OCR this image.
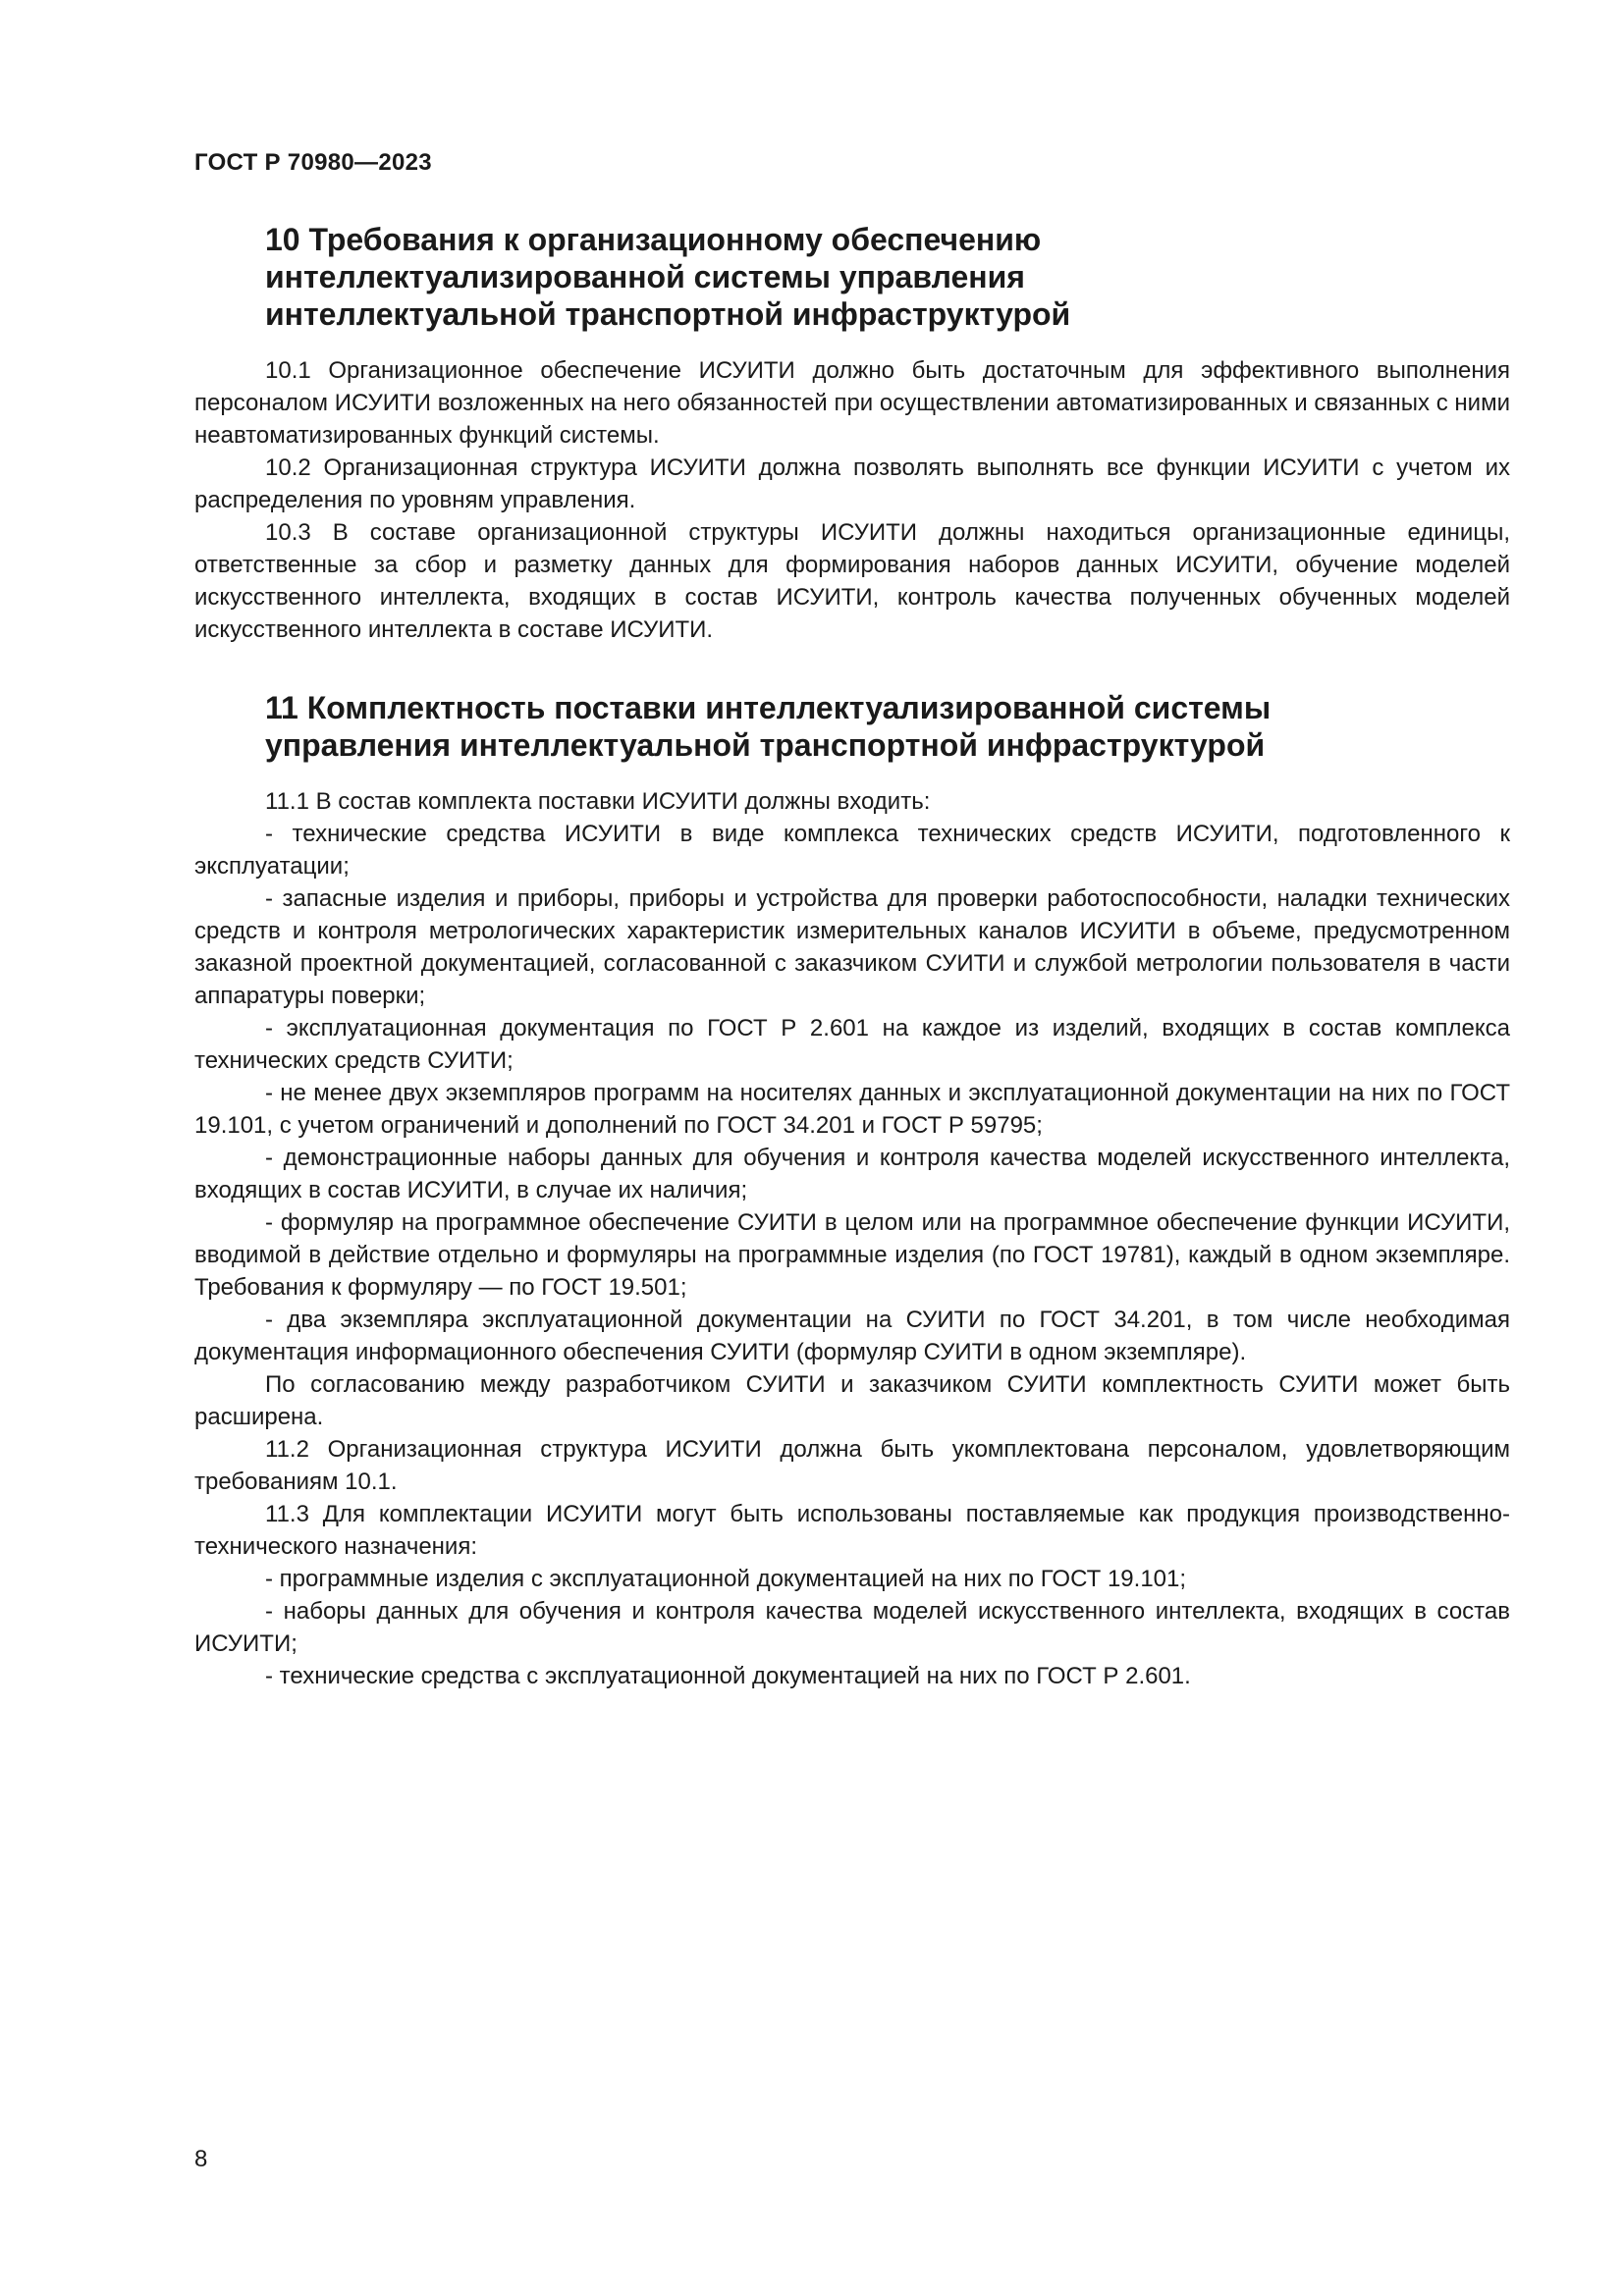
ГОСТ Р 70980—2023

10 Требования к организационному обеспечению
интеллектуализированной системы управления
интеллектуальной транспортной инфраструктурой

10.1 Организационное обеспечение ИСУИТИ должно быть достаточным для эффективного выполнения персоналом ИСУИТИ возложенных на него обязанностей при осуществлении автоматизированных и связанных с ними неавтоматизированных функций системы.

10.2 Организационная структура ИСУИТИ должна позволять выполнять все функции ИСУИТИ с учетом их распределения по уровням управления.

10.3 В составе организационной структуры ИСУИТИ должны находиться организационные единицы, ответственные за сбор и разметку данных для формирования наборов данных ИСУИТИ, обучение моделей искусственного интеллекта, входящих в состав ИСУИТИ, контроль качества полученных обученных моделей искусственного интеллекта в составе ИСУИТИ.

11 Комплектность поставки интеллектуализированной системы
управления интеллектуальной транспортной инфраструктурой

11.1 В состав комплекта поставки ИСУИТИ должны входить:

- технические средства ИСУИТИ в виде комплекса технических средств ИСУИТИ, подготовленного к эксплуатации;

- запасные изделия и приборы, приборы и устройства для проверки работоспособности, наладки технических средств и контроля метрологических характеристик измерительных каналов ИСУИТИ в объеме, предусмотренном заказной проектной документацией, согласованной с заказчиком СУИТИ и службой метрологии пользователя в части аппаратуры поверки;

- эксплуатационная документация по ГОСТ Р 2.601 на каждое из изделий, входящих в состав комплекса технических средств СУИТИ;

- не менее двух экземпляров программ на носителях данных и эксплуатационной документации на них по ГОСТ 19.101, с учетом ограничений и дополнений по ГОСТ 34.201 и ГОСТ Р 59795;

- демонстрационные наборы данных для обучения и контроля качества моделей искусственного интеллекта, входящих в состав ИСУИТИ, в случае их наличия;

- формуляр на программное обеспечение СУИТИ в целом или на программное обеспечение функции ИСУИТИ, вводимой в действие отдельно и формуляры на программные изделия (по ГОСТ 19781), каждый в одном экземпляре. Требования к формуляру — по ГОСТ 19.501;

- два экземпляра эксплуатационной документации на СУИТИ по ГОСТ 34.201, в том числе необходимая документация информационного обеспечения СУИТИ (формуляр СУИТИ в одном экземпляре).

По согласованию между разработчиком СУИТИ и заказчиком СУИТИ комплектность СУИТИ может быть расширена.

11.2 Организационная структура ИСУИТИ должна быть укомплектована персоналом, удовлетворяющим требованиям 10.1.

11.3 Для комплектации ИСУИТИ могут быть использованы поставляемые как продукция производственно-технического назначения:

- программные изделия с эксплуатационной документацией на них по ГОСТ 19.101;

- наборы данных для обучения и контроля качества моделей искусственного интеллекта, входящих в состав ИСУИТИ;

- технические средства с эксплуатационной документацией на них по ГОСТ Р 2.601.

8
